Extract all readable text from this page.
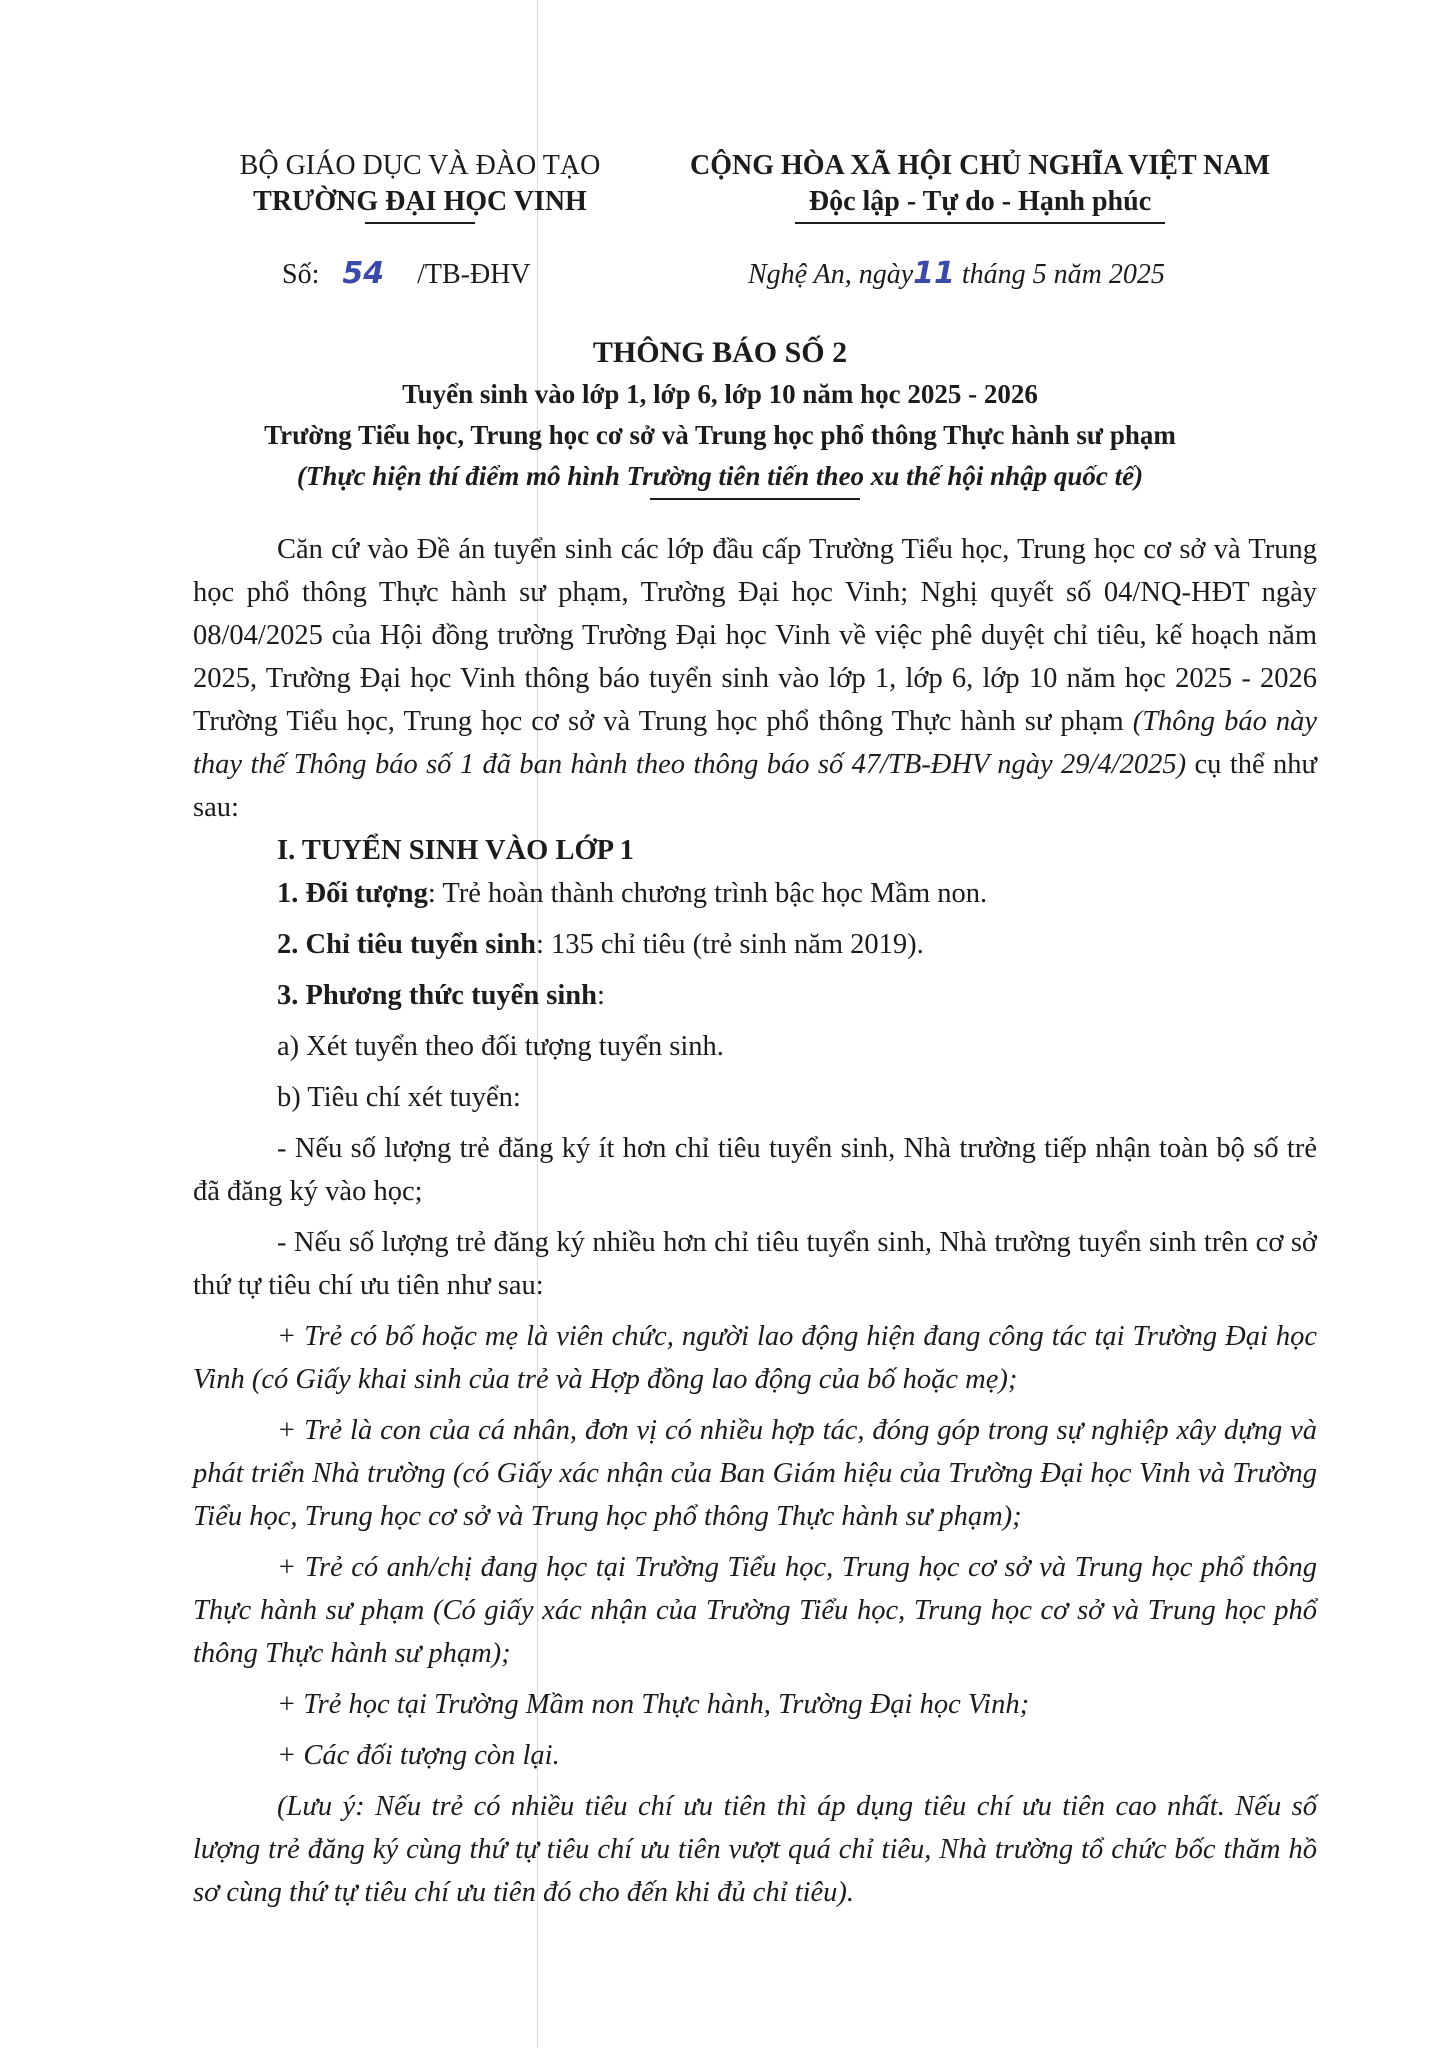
BỘ GIÁO DỤC VÀ ĐÀO TẠO
TRƯỜNG ĐẠI HỌC VINH
CỘNG HÒA XÃ HỘI CHỦ NGHĨA VIỆT NAM
Độc lập - Tự do - Hạnh phúc
Số: 54 /TB-ĐHV	Nghệ An, ngày11 tháng 5 năm 2025
THÔNG BÁO SỐ 2
Tuyển sinh vào lớp 1, lớp 6, lớp 10 năm học 2025 - 2026
Trường Tiểu học, Trung học cơ sở và Trung học phổ thông Thực hành sư phạm
(Thực hiện thí điểm mô hình Trường tiên tiến theo xu thế hội nhập quốc tế)

Căn cứ vào Đề án tuyển sinh các lớp đầu cấp Trường Tiểu học, Trung học cơ sở và Trung học phổ thông Thực hành sư phạm, Trường Đại học Vinh; Nghị quyết số 04/NQ-HĐT ngày 08/04/2025 của Hội đồng trường Trường Đại học Vinh về việc phê duyệt chỉ tiêu, kế hoạch năm 2025, Trường Đại học Vinh thông báo tuyển sinh vào lớp 1, lớp 6, lớp 10 năm học 2025 - 2026 Trường Tiểu học, Trung học cơ sở và Trung học phổ thông Thực hành sư phạm (Thông báo này thay thế Thông báo số 1 đã ban hành theo thông báo số 47/TB-ĐHV ngày 29/4/2025) cụ thể như sau:

I. TUYỂN SINH VÀO LỚP 1

1. Đối tượng: Trẻ hoàn thành chương trình bậc học Mầm non.

2. Chỉ tiêu tuyển sinh: 135 chỉ tiêu (trẻ sinh năm 2019).

3. Phương thức tuyển sinh:

a) Xét tuyển theo đối tượng tuyển sinh.

b) Tiêu chí xét tuyển:

- Nếu số lượng trẻ đăng ký ít hơn chỉ tiêu tuyển sinh, Nhà trường tiếp nhận toàn bộ số trẻ đã đăng ký vào học;

- Nếu số lượng trẻ đăng ký nhiều hơn chỉ tiêu tuyển sinh, Nhà trường tuyển sinh trên cơ sở thứ tự tiêu chí ưu tiên như sau:

+ Trẻ có bố hoặc mẹ là viên chức, người lao động hiện đang công tác tại Trường Đại học Vinh (có Giấy khai sinh của trẻ và Hợp đồng lao động của bố hoặc mẹ);

+ Trẻ là con của cá nhân, đơn vị có nhiều hợp tác, đóng góp trong sự nghiệp xây dựng và phát triển Nhà trường (có Giấy xác nhận của Ban Giám hiệu của Trường Đại học Vinh và Trường Tiểu học, Trung học cơ sở và Trung học phổ thông Thực hành sư phạm);

+ Trẻ có anh/chị đang học tại Trường Tiểu học, Trung học cơ sở và Trung học phổ thông Thực hành sư phạm (Có giấy xác nhận của Trường Tiểu học, Trung học cơ sở và Trung học phổ thông Thực hành sư phạm);

+ Trẻ học tại Trường Mầm non Thực hành, Trường Đại học Vinh;

+ Các đối tượng còn lại.

(Lưu ý: Nếu trẻ có nhiều tiêu chí ưu tiên thì áp dụng tiêu chí ưu tiên cao nhất. Nếu số lượng trẻ đăng ký cùng thứ tự tiêu chí ưu tiên vượt quá chỉ tiêu, Nhà trường tổ chức bốc thăm hồ sơ cùng thứ tự tiêu chí ưu tiên đó cho đến khi đủ chỉ tiêu).
